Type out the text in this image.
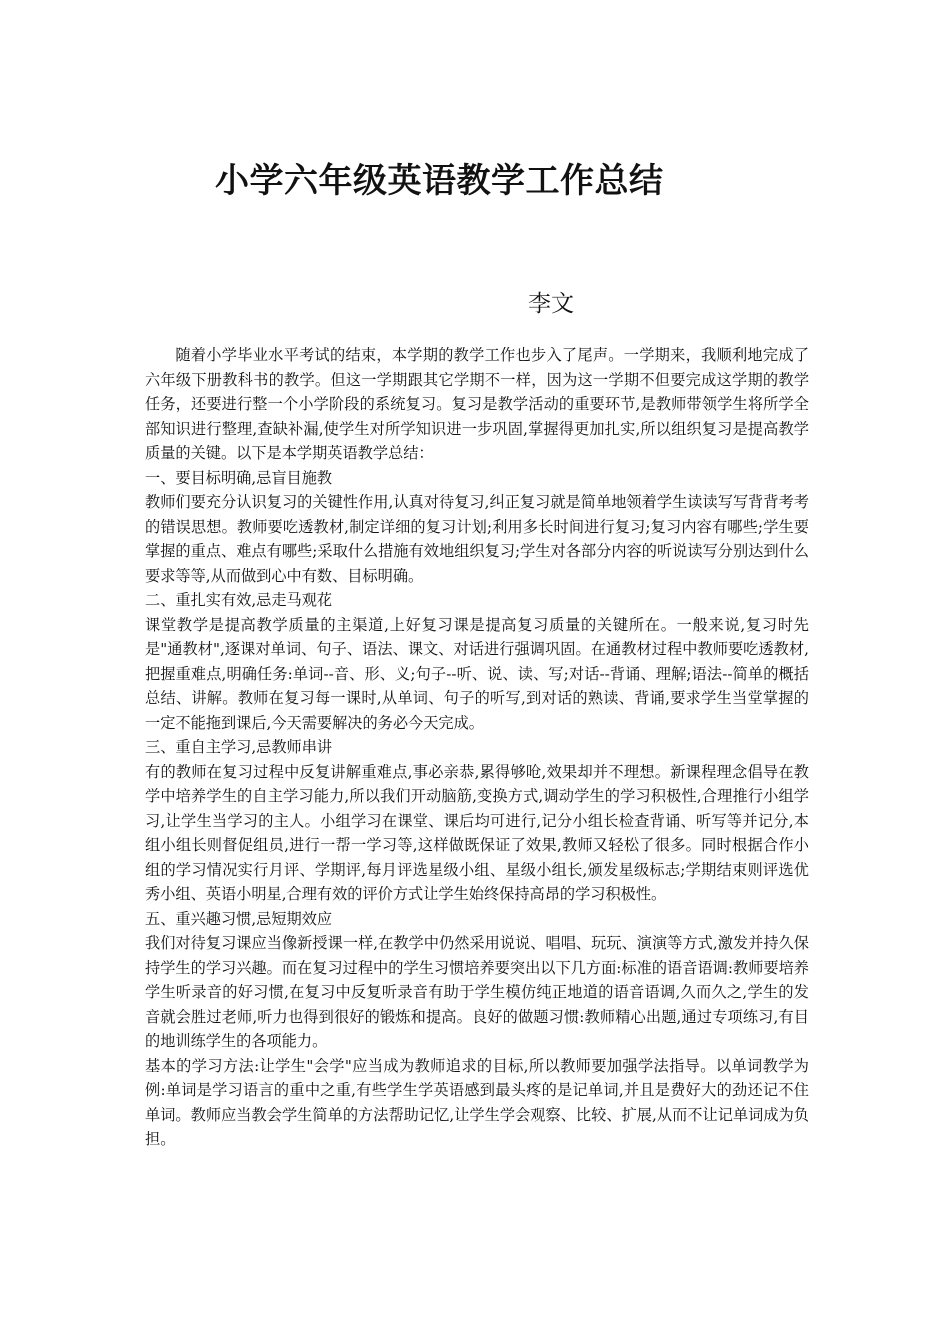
小学六年级英语教学工作总结
李文

随着小学毕业水平考试的结束，本学期的教学工作也步入了尾声。一学期来，我顺利地完成了六年级下册教科书的教学。但这一学期跟其它学期不一样，因为这一学期不但要完成这学期的教学任务，还要进行整一个小学阶段的系统复习。复习是教学活动的重要环节,是教师带领学生将所学全部知识进行整理,查缺补漏,使学生对所学知识进一步巩固,掌握得更加扎实,所以组织复习是提高教学质量的关键。以下是本学期英语教学总结：

一、要目标明确,忌盲目施教

教师们要充分认识复习的关键性作用,认真对待复习,纠正复习就是简单地领着学生读读写写背背考考的错误思想。教师要吃透教材,制定详细的复习计划;利用多长时间进行复习;复习内容有哪些;学生要掌握的重点、难点有哪些;采取什么措施有效地组织复习;学生对各部分内容的听说读写分别达到什么要求等等,从而做到心中有数、目标明确。

二、重扎实有效,忌走马观花

课堂教学是提高教学质量的主渠道,上好复习课是提高复习质量的关键所在。一般来说,复习时先是"通教材",逐课对单词、句子、语法、课文、对话进行强调巩固。在通教材过程中教师要吃透教材,把握重难点,明确任务:单词--音、形、义;句子--听、说、读、写;对话--背诵、理解;语法--简单的概括总结、讲解。教师在复习每一课时,从单词、句子的听写,到对话的熟读、背诵,要求学生当堂掌握的一定不能拖到课后,今天需要解决的务必今天完成。

三、重自主学习,忌教师串讲

有的教师在复习过程中反复讲解重难点,事必亲恭,累得够呛,效果却并不理想。新课程理念倡导在教学中培养学生的自主学习能力,所以我们开动脑筋,变换方式,调动学生的学习积极性,合理推行小组学习,让学生当学习的主人。小组学习在课堂、课后均可进行,记分小组长检查背诵、听写等并记分,本组小组长则督促组员,进行一帮一学习等,这样做既保证了效果,教师又轻松了很多。同时根据合作小组的学习情况实行月评、学期评,每月评选星级小组、星级小组长,颁发星级标志;学期结束则评选优秀小组、英语小明星,合理有效的评价方式让学生始终保持高昂的学习积极性。

五、重兴趣习惯,忌短期效应

我们对待复习课应当像新授课一样,在教学中仍然采用说说、唱唱、玩玩、演演等方式,激发并持久保持学生的学习兴趣。而在复习过程中的学生习惯培养要突出以下几方面:标准的语音语调:教师要培养学生听录音的好习惯,在复习中反复听录音有助于学生模仿纯正地道的语音语调,久而久之,学生的发音就会胜过老师,听力也得到很好的锻炼和提高。良好的做题习惯:教师精心出题,通过专项练习,有目的地训练学生的各项能力。

基本的学习方法:让学生"会学"应当成为教师追求的目标,所以教师要加强学法指导。以单词教学为例:单词是学习语言的重中之重,有些学生学英语感到最头疼的是记单词,并且是费好大的劲还记不住单词。教师应当教会学生简单的方法帮助记忆,让学生学会观察、比较、扩展,从而不让记单词成为负担。
